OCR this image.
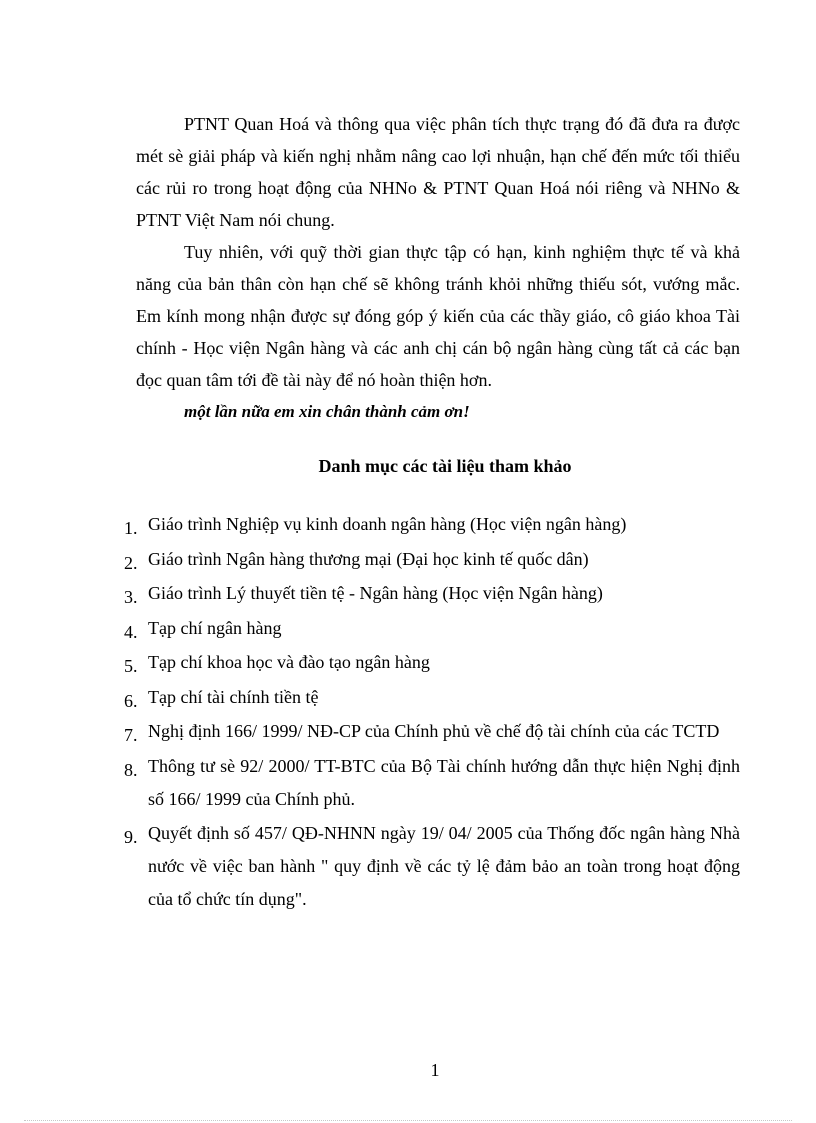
PTNT Quan Hoá và thông qua việc phân tích thực trạng đó đã đưa ra được mét sè giải pháp và kiến nghị nhằm nâng cao lợi nhuận, hạn chế đến mức tối thiểu các rủi ro trong hoạt động của NHNo & PTNT Quan Hoá nói riêng và NHNo & PTNT Việt Nam nói chung.

Tuy nhiên, với quỹ thời gian thực tập có hạn, kinh nghiệm thực tế và khả năng của bản thân còn hạn chế sẽ không tránh khỏi những thiếu sót, vướng mắc. Em kính mong nhận được sự đóng góp ý kiến của các thầy giáo, cô giáo khoa Tài chính - Học viện Ngân hàng và các anh chị cán bộ ngân hàng cùng tất cả các bạn đọc quan tâm tới đề tài này để nó hoàn thiện hơn.

một lần nữa em xin chân thành cảm ơn!

Danh mục các tài liệu tham khảo
1. Giáo trình Nghiệp vụ kinh doanh ngân hàng (Học viện ngân hàng)
2. Giáo trình Ngân hàng thương mại (Đại học kinh tế quốc dân)
3. Giáo trình Lý thuyết tiền tệ - Ngân hàng (Học viện Ngân hàng)
4. Tạp chí ngân hàng
5. Tạp chí khoa học và đào tạo ngân hàng
6. Tạp chí tài chính tiền tệ
7. Nghị định 166/ 1999/ NĐ-CP của Chính phủ về chế độ tài chính của các TCTD
8. Thông tư sè 92/ 2000/ TT-BTC của Bộ Tài chính hướng dẫn thực hiện Nghị định số 166/ 1999 của Chính phủ.
9. Quyết định số 457/ QĐ-NHNN ngày 19/ 04/ 2005 của Thống đốc ngân hàng Nhà nước về việc ban hành " quy định về các tỷ lệ đảm bảo an toàn trong hoạt động của tổ chức tín dụng".
1
